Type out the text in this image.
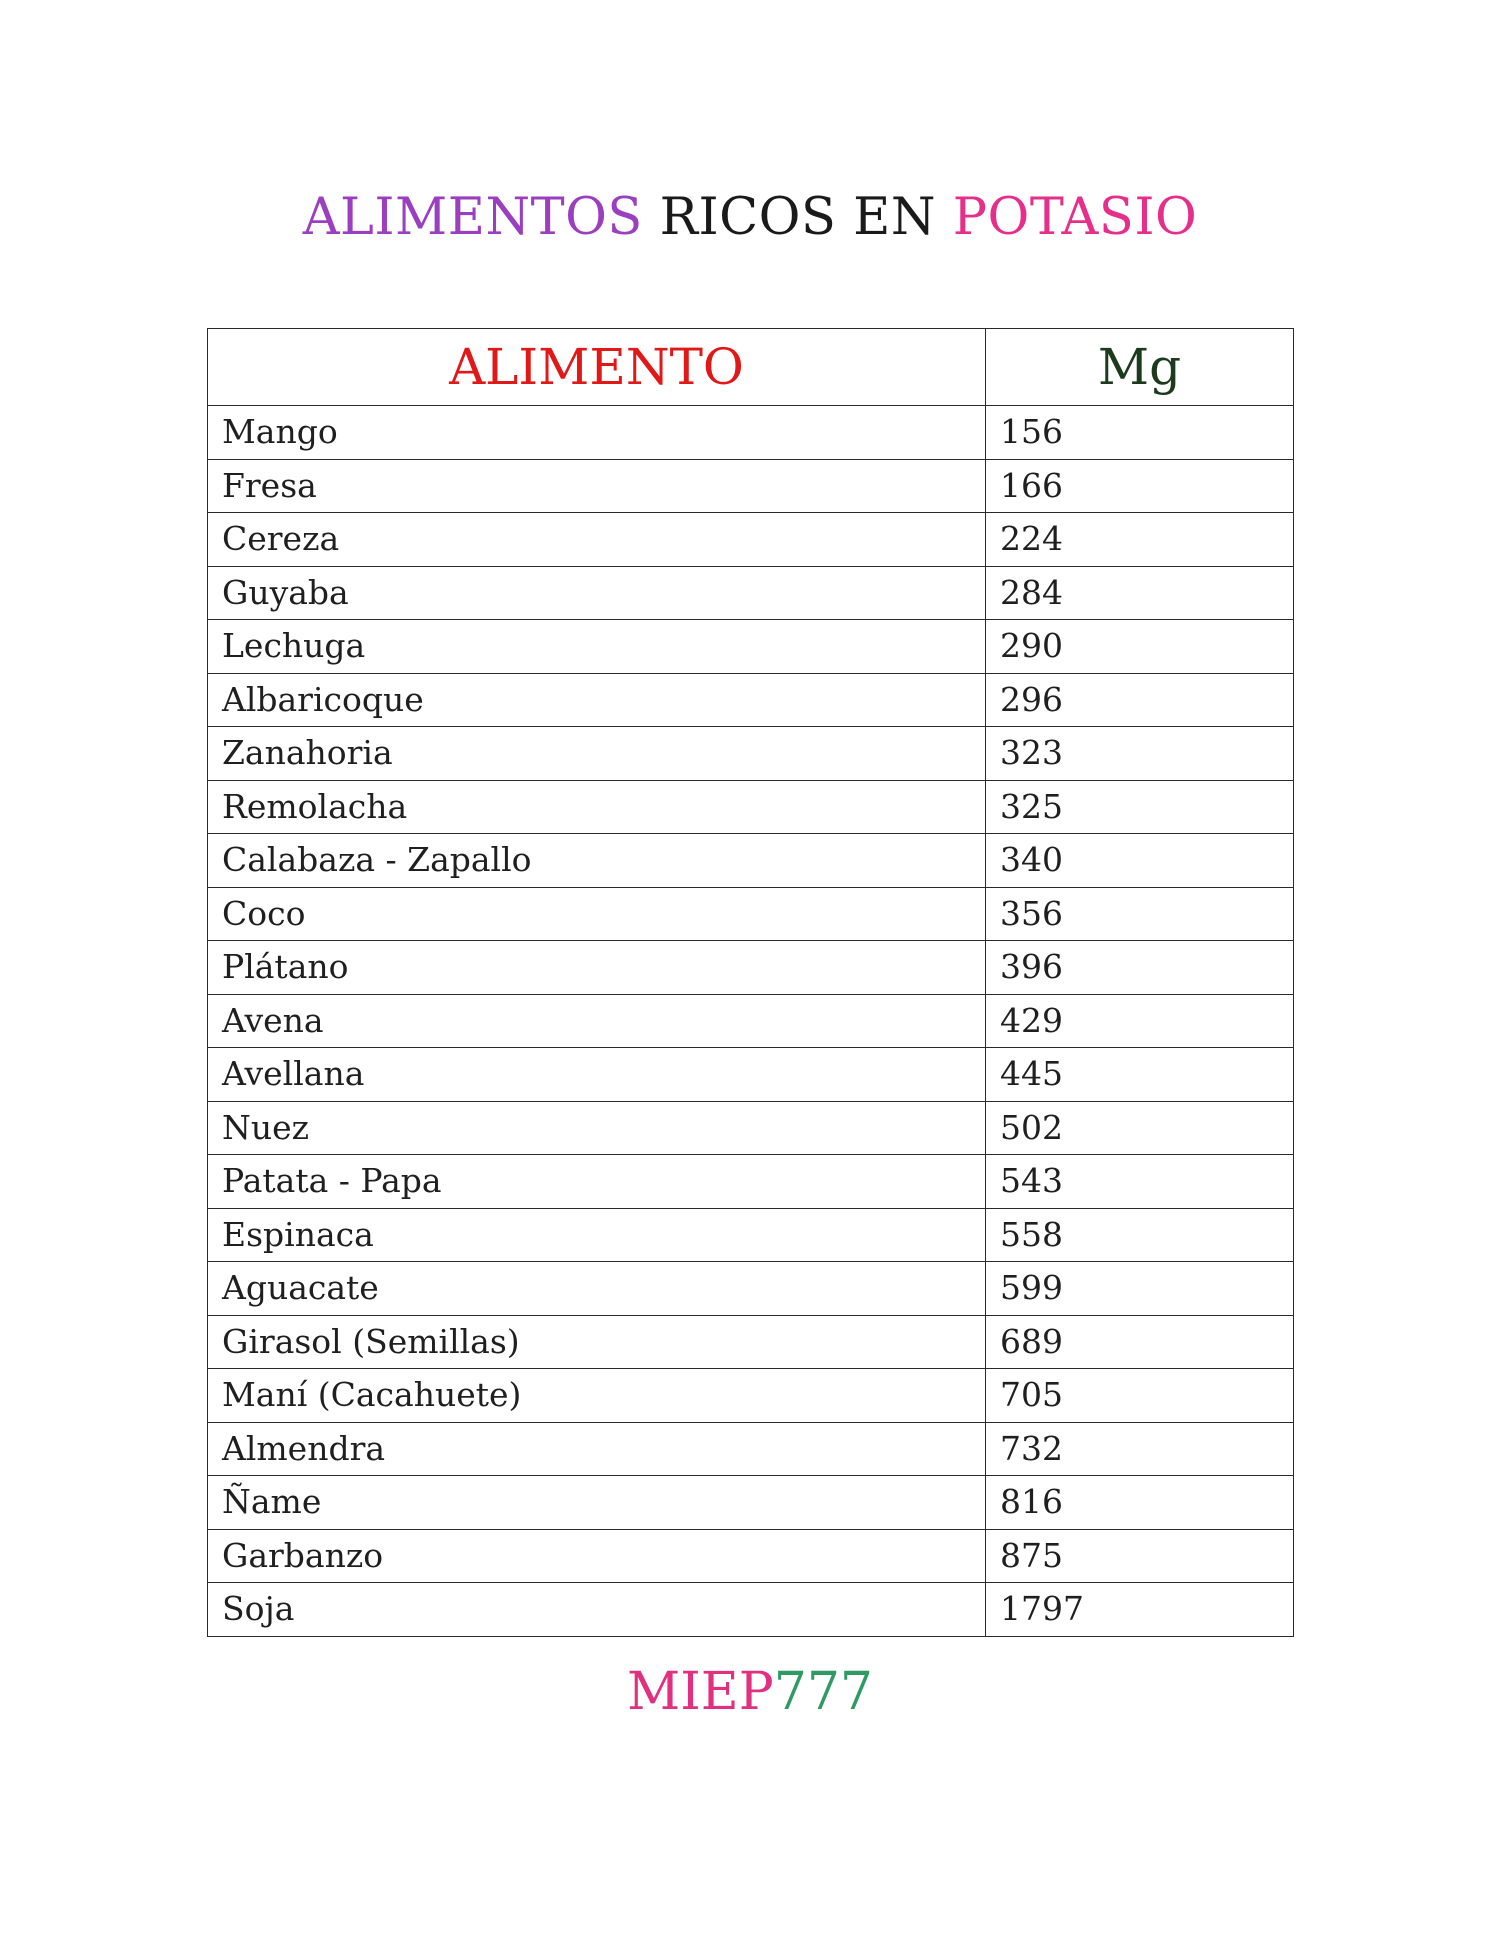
ALIMENTOS RICOS EN POTASIO
ALIMENTO	Mg
Mango	156
Fresa	166
Cereza	224
Guyaba	284
Lechuga	290
Albaricoque	296
Zanahoria	323
Remolacha	325
Calabaza - Zapallo	340
Coco	356
Plátano	396
Avena	429
Avellana	445
Nuez	502
Patata - Papa	543
Espinaca	558
Aguacate	599
Girasol (Semillas)	689
Maní (Cacahuete)	705
Almendra	732
Ñame	816
Garbanzo	875
Soja	1797
MIEP777
